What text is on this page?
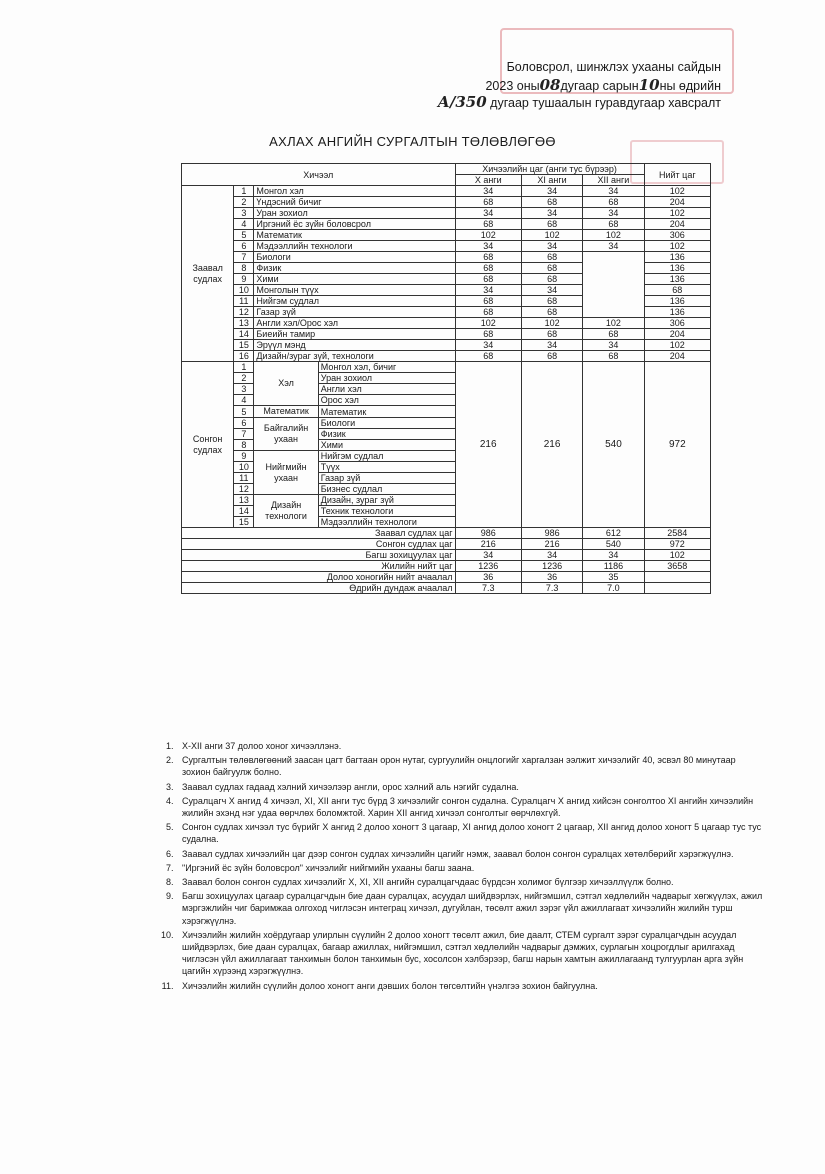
Боловсрол, шинжлэх ухааны сайдын
2023 оны08дугаар сарын10ны өдрийн
А/350 дугаар тушаалын гуравдугаар хавсралт
АХЛАХ АНГИЙН СУРГАЛТЫН ТӨЛӨВЛӨГӨӨ
Хичээл				Хичээлийн цаг (анги тус бүрээр)			Нийт цаг
				X анги	XI анги	XII анги	
Заавал судлах	1	Монгол хэл		34	34	34	102
	2	Үндэсний бичиг		68	68	68	204
	3	Уран зохиол		34	34	34	102
	4	Иргэний ёс зүйн боловсрол		68	68	68	204
	5	Математик		102	102	102	306
	6	Мэдээллийн технологи		34	34	34	102
	7	Биологи		68	68		136
	8	Физик		68	68		136
	9	Хими		68	68		136
	10	Монголын түүх		34	34		68
	11	Нийгэм судлал		68	68		136
	12	Газар зүй		68	68		136
	13	Англи хэл/Орос хэл		102	102	102	306
	14	Биеийн тамир		68	68	68	204
	15	Эрүүл мэнд		34	34	34	102
	16	Дизайн/зураг зүй, технологи		68	68	68	204
Сонгон судлах	1	Хэл	Монгол хэл, бичиг	216	216	540	972
	2		Уран зохиол				
	3		Англи хэл				
	4		Орос хэл				
	5	Математик	Математик				
	6	Байгалийн ухаан	Биологи				
	7		Физик				
	8		Хими				
	9	Нийгмийн ухаан	Нийгэм судлал				
	10		Түүх				
	11		Газар зүй				
	12		Бизнес судлал				
	13	Дизайн технологи	Дизайн, зураг зүй				
	14		Техник технологи				
	15		Мэдээллийн технологи				
Заавал судлах цаг				986	986	612	2584
Сонгон судлах цаг				216	216	540	972
Багш зохицуулах цаг				34	34	34	102
Жилийн нийт цаг				1236	1236	1186	3658
Долоо хоногийн нийт ачаалал				36	36	35	
Өдрийн дундаж ачаалал				7.3	7.3	7.0	
1. X-XII анги 37 долоо хоног хичээллэнэ.
2. Сургалтын төлөвлөгөөний заасан цагт багтаан орон нутаг, сургуулийн онцлогийг харгалзан ээлжит хичээлийг 40, эсвэл 80 минутаар зохион байгуулж болно.
3. Заавал судлах гадаад хэлний хичээлээр англи, орос хэлний аль нэгийг судална.
4. Суралцагч X ангид 4 хичээл, XI, XII анги тус бүрд 3 хичээлийг сонгон судална. Суралцагч X ангид хийсэн сонголтоо XI ангийн хичээлийн жилийн эхэнд нэг удаа өөрчлөх боломжтой. Харин XII ангид хичээл сонголтыг өөрчлөхгүй.
5. Сонгон судлах хичээл тус бүрийг X ангид 2 долоо хоногт 3 цагаар, XI ангид долоо хоногт 2 цагаар, XII ангид долоо хоногт 5 цагаар тус тус судална.
6. Заавал судлах хичээлийн цаг дээр сонгон судлах хичээлийн цагийг нэмж, заавал болон сонгон суралцах хөтөлбөрийг хэрэгжүүлнэ.
7. "Иргэний ёс зүйн боловсрол" хичээлийг нийгмийн ухааны багш заана.
8. Заавал болон сонгон судлах хичээлийг X, XI, XII ангийн суралцагчдаас бүрдсэн холимог бүлгээр хичээллүүлж болно.
9. Багш зохицуулах цагаар суралцагчдын бие даан суралцах, асуудал шийдвэрлэх, нийгэмшил, сэтгэл хөдлөлийн чадварыг хөгжүүлэх, ажил мэргэжлийн чиг баримжаа олгоход чиглэсэн интеграц хичээл, дугуйлан, төсөлт ажил зэрэг үйл ажиллагаат хичээлийн жилийн турш хэрэгжүүлнэ.
10. Хичээлийн жилийн хоёрдугаар улирлын сүүлийн 2 долоо хоногт төсөлт ажил, бие даалт, СТЕМ сургалт зэрэг суралцагчдын асуудал шийдвэрлэх, бие даан суралцах, багаар ажиллах, нийгэмшил, сэтгэл хөдлөлийн чадварыг дэмжих, сурлагын хоцрогдлыг арилгахад чиглэсэн үйл ажиллагаат танхимын болон танхимын бус, хосолсон хэлбэрээр, багш нарын хамтын ажиллагаанд тулгуурлан арга зүйн цагийн хүрээнд хэрэгжүүлнэ.
11. Хичээлийн жилийн сүүлийн долоо хоногт анги дэвших болон төгсөлтийн үнэлгээ зохион байгуулна.
